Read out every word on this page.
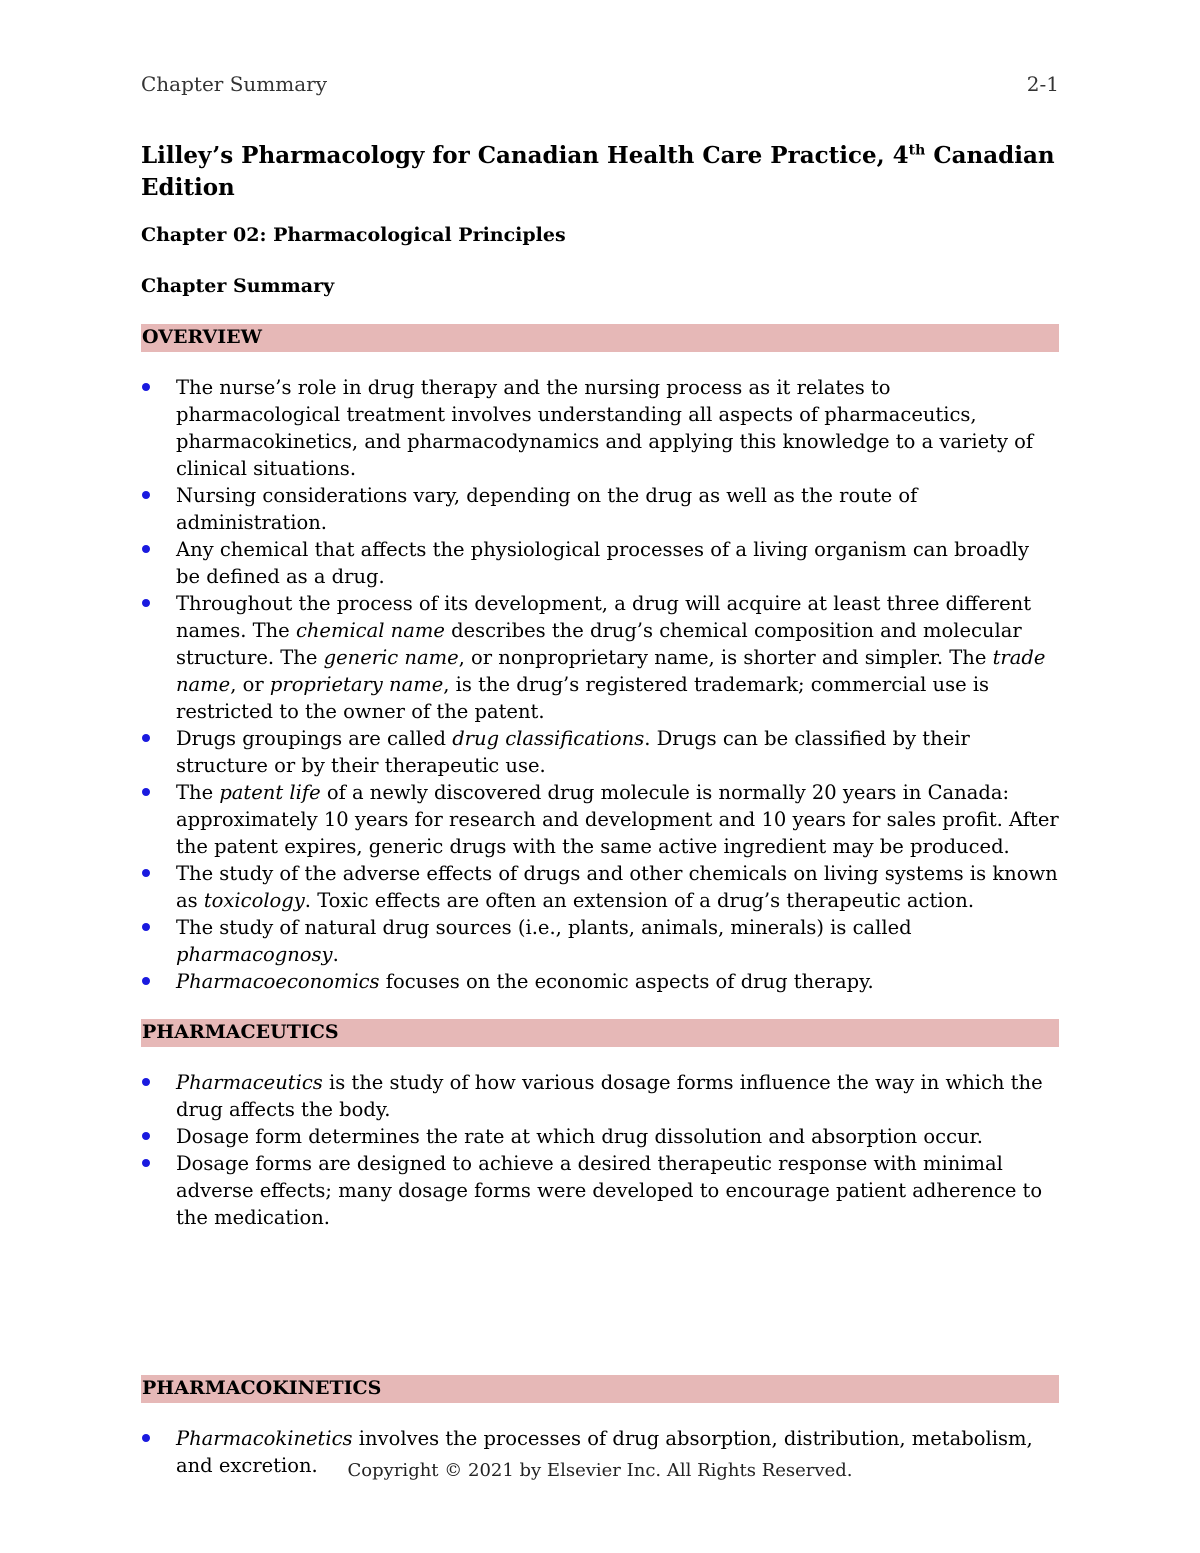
Chapter Summary	2-1
Lilley’s Pharmacology for Canadian Health Care Practice, 4th Canadian
Edition
Chapter 02: Pharmacological Principles
Chapter Summary
OVERVIEW
The nurse’s role in drug therapy and the nursing process as it relates to pharmacological treatment involves understanding all aspects of pharmaceutics, pharmacokinetics, and pharmacodynamics and applying this knowledge to a variety of clinical situations.
Nursing considerations vary, depending on the drug as well as the route of administration.
Any chemical that affects the physiological processes of a living organism can broadly be defined as a drug.
Throughout the process of its development, a drug will acquire at least three different names. The chemical name describes the drug’s chemical composition and molecular structure. The generic name, or nonproprietary name, is shorter and simpler. The trade name, or proprietary name, is the drug’s registered trademark; commercial use is restricted to the owner of the patent.
Drugs groupings are called drug classifications. Drugs can be classified by their structure or by their therapeutic use.
The patent life of a newly discovered drug molecule is normally 20 years in Canada: approximately 10 years for research and development and 10 years for sales profit. After the patent expires, generic drugs with the same active ingredient may be produced.
The study of the adverse effects of drugs and other chemicals on living systems is known as toxicology. Toxic effects are often an extension of a drug’s therapeutic action.
The study of natural drug sources (i.e., plants, animals, minerals) is called pharmacognosy.
Pharmacoeconomics focuses on the economic aspects of drug therapy.
PHARMACEUTICS
Pharmaceutics is the study of how various dosage forms influence the way in which the drug affects the body.
Dosage form determines the rate at which drug dissolution and absorption occur.
Dosage forms are designed to achieve a desired therapeutic response with minimal adverse effects; many dosage forms were developed to encourage patient adherence to the medication.
PHARMACOKINETICS
Pharmacokinetics involves the processes of drug absorption, distribution, metabolism, and excretion.	Copyright © 2021 by Elsevier Inc. All Rights Reserved.
